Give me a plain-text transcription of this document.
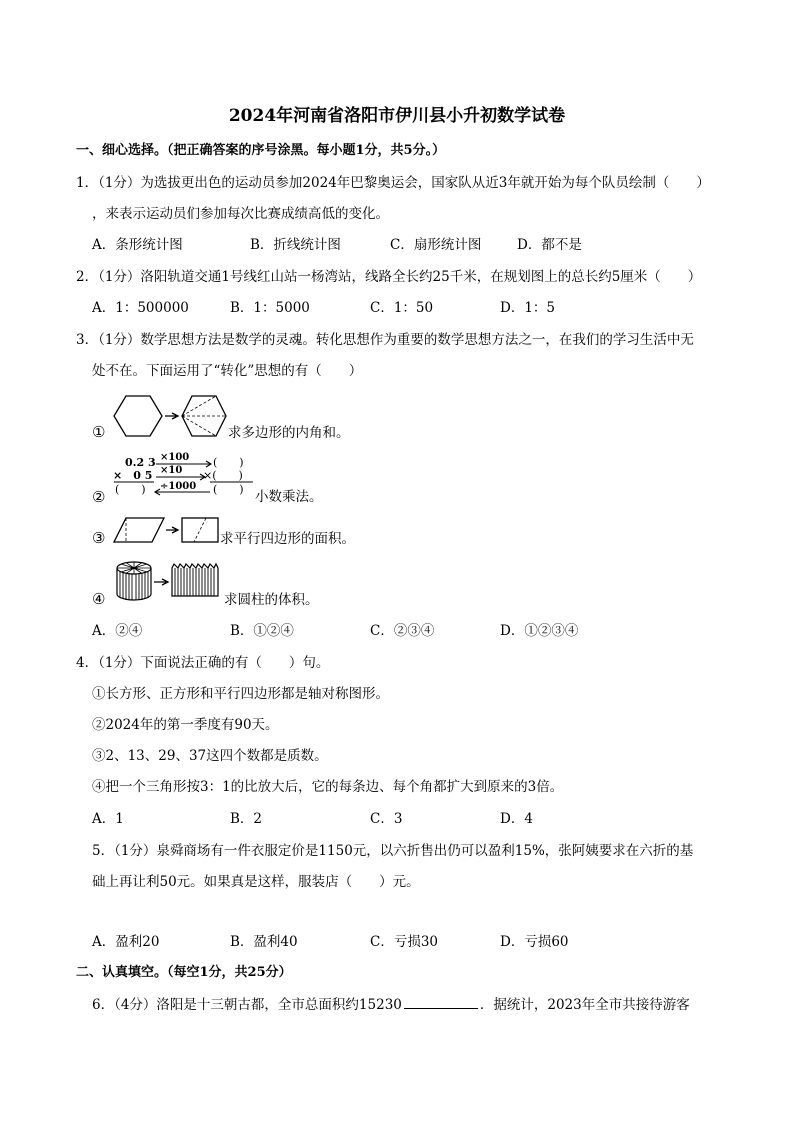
2024年河南省洛阳市伊川县小升初数学试卷
一、细心选择。（把正确答案的序号涂黑。每小题1分，共5分。）
1．（1分）为选拔更出色的运动员参加2024年巴黎奥运会，国家队从近3年就开始为每个队员绘制（　　）
，来表示运动员们参加每次比赛成绩高低的变化。
A．条形统计图	B．折线统计图	C．扇形统计图	D．都不是
2．（1分）洛阳轨道交通1号线红山站一杨湾站，线路全长约25千米，在规划图上的总长约5厘米（　　）
A．1：500000	B．1：5000	C．1：50	D．1：5
3．（1分）数学思想方法是数学的灵魂。转化思想作为重要的数学思想方法之一，在我们的学习生活中无
处不在。下面运用了“转化”思想的有（　　）
①	求多边形的内角和。
②
0.2 3
×　0 5
(　　)
×100
×10
÷1000
(　　)
×(　　)
(　　) 小数乘法。
③	求平行四边形的面积。
④	求圆柱的体积。
A．②④	B．①②④	C．②③④	D．①②③④
4．（1分）下面说法正确的有（　　）句。
①长方形、正方形和平行四边形都是轴对称图形。
②2024年的第一季度有90天。
③2、13、29、37这四个数都是质数。
④把一个三角形按3：1的比放大后，它的每条边、每个角都扩大到原来的3倍。
A．1	B．2	C．3	D．4
5．（1分）泉舜商场有一件衣服定价是1150元，以六折售出仍可以盈利15%，张阿姨要求在六折的基
础上再让利50元。如果真是这样，服装店（　　）元。
A．盈利20	B．盈利40	C．亏损30	D．亏损60
二、认真填空。（每空1分，共25分）
6．（4分）洛阳是十三朝古都，全市总面积约15230	．据统计，2023年全市共接待游客
